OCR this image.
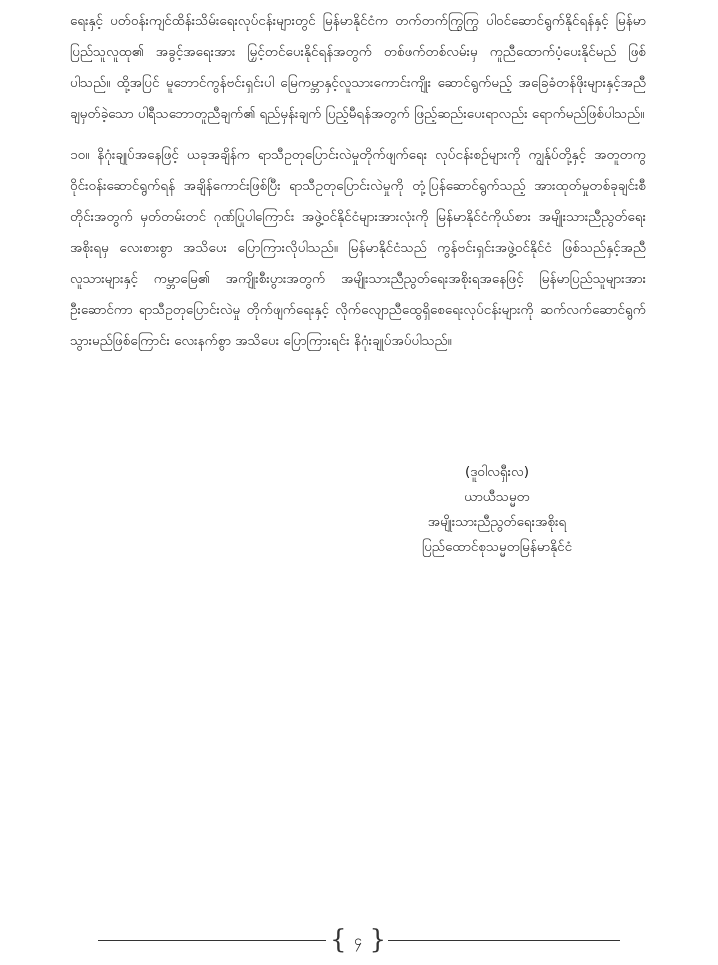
ရေးနှင့် ပတ်ဝန်းကျင်ထိန်းသိမ်းရေးလုပ်ငန်းများတွင် မြန်မာနိုင်ငံက တက်တက်ကြွကြွ ပါဝင်ဆောင်ရွက်နိုင်ရန်နှင့် မြန်မာပြည်သူလူထု၏ အခွင့်အရေးအား မြှင့်တင်ပေးနိုင်ရန်အတွက် တစ်ဖက်တစ်လမ်းမှ ကူညီထောက်ပံ့ပေးနိုင်မည် ဖြစ်ပါသည်။ ထို့အပြင် မူဘောင်ကွန်ဗင်းရှင်းပါ မြေကမ္ဘာနှင့်လူသားကောင်းကျိုး ဆောင်ရွက်မည့် အခြေခံတန်ဖိုးများနှင့်အညီ ချမှတ်ခဲ့သော ပါရီသဘောတူညီချက်၏ ရည်မှန်းချက် ပြည့်မီရန်အတွက် ဖြည့်ဆည်းပေးရာလည်း ရောက်မည်ဖြစ်ပါသည်။

၁၀။ နိဂုံးချုပ်အနေဖြင့် ယခုအချိန်က ရာသီဥတုပြောင်းလဲမှုတိုက်ဖျက်ရေး လုပ်ငန်းစဉ်များကို ကျွန်ုပ်တို့နှင့် အတူတကွ ဝိုင်းဝန်းဆောင်ရွက်ရန် အချိန်ကောင်းဖြစ်ပြီး ရာသီဥတုပြောင်းလဲမှုကို တုံ့ပြန်ဆောင်ရွက်သည့် အားထုတ်မှုတစ်ခုချင်းစီတိုင်းအတွက် မှတ်တမ်းတင် ဂုဏ်ပြုပါကြောင်း အဖွဲ့ဝင်နိုင်ငံများအားလုံးကို မြန်မာနိုင်ငံကိုယ်စား အမျိုးသားညီညွတ်ရေးအစိုးရမှ လေးစားစွာ အသိပေး ပြောကြားလိုပါသည်။ မြန်မာနိုင်ငံသည် ကွန်ဗင်းရှင်းအဖွဲ့ဝင်နိုင်ငံ ဖြစ်သည်နှင့်အညီ လူသားများနှင့် ကမ္ဘာမြေ၏ အကျိုးစီးပွားအတွက် အမျိုးသားညီညွတ်ရေးအစိုးရအနေဖြင့် မြန်မာပြည်သူများအား ဦးဆောင်ကာ ရာသီဥတုပြောင်းလဲမှု တိုက်ဖျက်ရေးနှင့် လိုက်လျောညီထွေရှိစေရေးလုပ်ငန်းများကို ဆက်လက်ဆောင်ရွက်သွားမည်ဖြစ်ကြောင်း လေးနက်စွာ အသိပေး ပြောကြားရင်း နိဂုံးချုပ်အပ်ပါသည်။

(ဒူဝါလရှီးလ)
ယာယီသမ္မတ
အမျိုးသားညီညွတ်ရေးအစိုးရ
ပြည်ထောင်စုသမ္မတမြန်မာနိုင်ငံ
{ ၄ }
